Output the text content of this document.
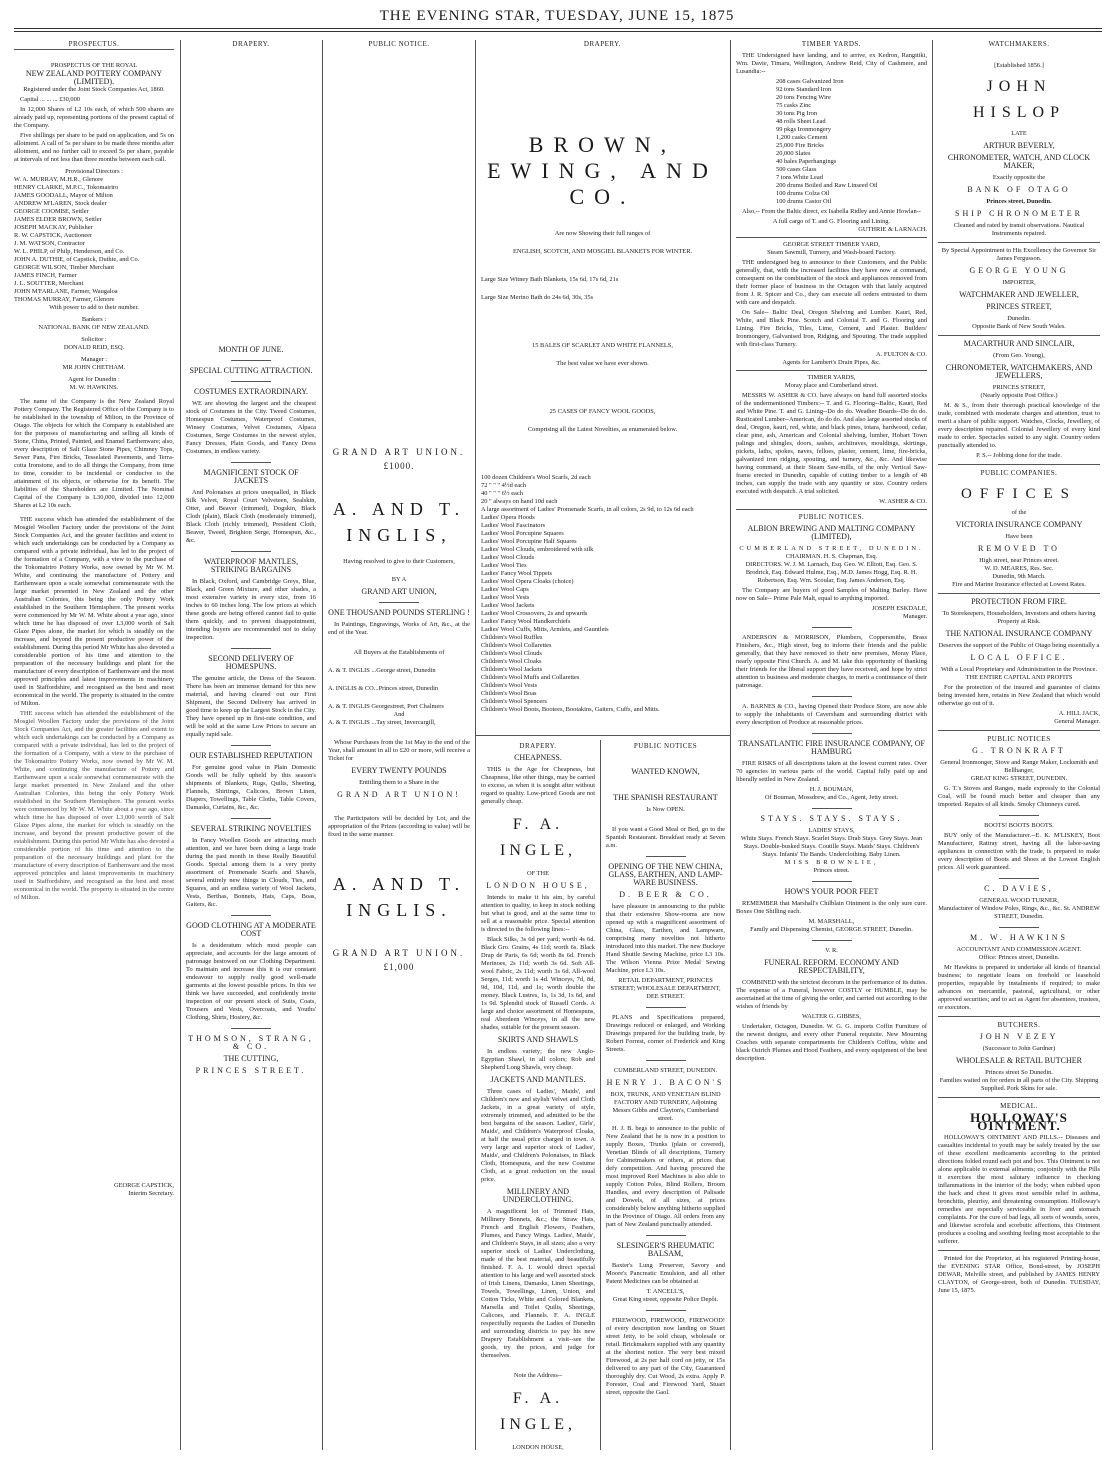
THE EVENING STAR, TUESDAY, JUNE 15, 1875
PROSPECTUS.
PROSPECTUS OF THE ROYAL
NEW ZEALAND POTTERY COMPANY (LIMITED).
Registered under the Joint Stock Companies Act, 1860.
Capital ... ... ... £30,000
In 12,000 Shares of L2 10s each, of which 500 shares are already paid up, representing portions of the present capital of the Company.
Five shillings per share to be paid on application, and 5s on allotment. A call of 5s per share to be made three months after allotment, and no further call to exceed 5s per share, payable at intervals of not less than three months between each call.
Provisional Directors :
W. A. MURRAY, M.H.R., Glenore
HENRY CLARKE, M.P.C., Tokomairiro
JAMES GOODALL, Mayor of Milton
ANDREW M'LAREN, Stock dealer
GEORGE COOMBE, Settler
JAMES ELDER BROWN, Settler
JOSEPH MACKAY, Publisher
R. W. CAPSTICK, Auctioneer
J. M. WATSON, Contractor
W. L. PHILP, of Philp, Henderson, and Co.
JOHN A. DUTHIE, of Capstick, Duthie, and Co.
GEORGE WILSON, Timber Merchant
JAMES FINCH, Farmer
J. L. SOUTTER, Merchant
JOHN M'FARLANE, Farmer, Waugaloa
THOMAS MURRAY, Farmer, Glenore
With power to add to their number.
Bankers :
NATIONAL BANK OF NEW ZEALAND.
Solicitor :
DONALD REID, ESQ.
Manager :
MR JOHN CHETHAM.
Agent for Dunedin :
M. W. HAWKINS.
The name of the Company is the New Zealand Royal Pottery Company. The Registered Office of the Company is to be established in the township of Milton, in the Province of Otago. The objects for which the Company is established are for the purposes of manufacturing and selling all kinds of Stone, China, Printed, Painted, and Enamel Earthenware; also, every description of Salt Glaze Stone Pipes, Chimney Tops, Sewer Pans, Fire Bricks, Tesselated Pavements, and Terra-cotta Ironstone, and to do all things the Company, from time to time, consider to be incidental or conducive to the attainment of its objects, or otherwise for its benefit. The liabilities of the Shareholders are Limited. The Nominal Capital of the Company is L30,000, divided into 12,000 Shares at L2 10s each.
THE success which has attended the establishment of the Mosgiel Woollen Factory under the provisions of the Joint Stock Companies Act, and the greater facilities and extent to which such undertakings can be conducted by a Company as compared with a private individual, has led to the project of the formation of a Company, with a view to the purchase of the Tokomairiro Pottery Works, now owned by Mr W. M. White, and continuing the manufacture of Pottery and Earthenware upon a scale somewhat commensurate with the large market presented in New Zealand and the other Australian Colonies, this being the only Pottery Work established in the Southern Hemisphere. The present works were commenced by Mr W. M. White about a year ago, since which time he has disposed of over L3,000 worth of Salt Glaze Pipes alone, the market for which is steadily on the increase, and beyond the present productive power of the establishment. During this period Mr White has also devoted a considerable portion of his time and attention to the preparation of the necessary buildings and plant for the manufacture of every description of Earthenware and the most approved principles and latest improvements in machinery used in Staffordshire, and recognised as the best and most economical in the world. The property is situated in the centre of Milton.
THE success which has attended the establishment of the Mosgiel Woollen Factory under the provisions of the Joint Stock Companies Act, and the greater facilities and extent to which such undertakings can be conducted by a Company as compared with a private individual, has led to the project of the formation of a Company, with a view to the purchase of the Tokomairiro Pottery Works, now owned by Mr W. M. White, and continuing the manufacture of Pottery and Earthenware upon a scale somewhat commensurate with the large market presented in New Zealand and the other Australian Colonies, this being the only Pottery Work established in the Southern Hemisphere. The present works were commenced by Mr W. M. White about a year ago, since which time he has disposed of over L3,000 worth of Salt Glaze Pipes alone, the market for which is steadily on the increase, and beyond the present productive power of the establishment. During this period Mr White has also devoted a considerable portion of his time and attention to the preparation of the necessary buildings and plant for the manufacture of every description of Earthenware and the most approved principles and latest improvements in machinery used in Staffordshire, and recognised as the best and most economical in the world. The property is situated in the centre of Milton.
GEORGE CAPSTICK,
Interim Secretary.
DRAPERY.
MONTH OF JUNE.
SPECIAL CUTTING ATTRACTION.
COSTUMES EXTRAORDINARY.
WE are showing the largest and the cheapest stock of Costumes in the City. Tweed Costumes, Homespun Costumes, Waterproof Costumes, Winsey Costumes, Velvet Costumes, Alpaca Costumes, Serge Costumes in the newest styles, Fancy Dresses, Plain Goods, and Fancy Dress Costumes, in endless variety.
MAGNIFICENT STOCK OF JACKETS
And Polonaises at prices unequalled, in Black Silk Velvet, Royal Court Velveteen, Sealskin, Otter, and Beaver (trimmed), Dogskin, Black Cloth (plain), Black Cloth (moderately trimmed), Black Cloth (richly trimmed), President Cloth, Beaver, Tweed, Brighton Serge, Homespun, &c., &c.
WATERPROOF MANTLES, STRIKING BARGAINS
In Black, Oxford, and Cambridge Greys, Blue, Black, and Green Mixture, and other shades, a most extensive variety in every size, from 16 inches to 60 inches long. The low prices at which these goods are being offered cannot fail to quite them quickly, and to prevent disappointment, intending buyers are recommended not to delay inspection.
SECOND DELIVERY OF HOMESPUNS.
The genuine article, the Dress of the Season. There has been an immense demand for this new material, and having cleared out our First Shipment, the Second Delivery has arrived in good time to keep up the Largest Stock in the City. They have opened up in first-rate condition, and will be sold at the same Low Prices to secure an equally rapid sale.
OUR ESTABLISHED REPUTATION
For genuine good value in Plain Domestic Goods will be fully upheld by this season's shipments of Blankets, Rugs, Quilts, Sheeting, Flannels, Shirtings, Calicoes, Brown Linen, Diapers, Towellings, Table Cloths, Table Covers, Damasks, Curtains, &c., &c.
SEVERAL STRIKING NOVELTIES
In Fancy Woollen Goods are attracting much attention, and we have been doing a large trade during the past month in these Really Beautiful Goods. Special among them is a very pretty assortment of Promenade Scarfs and Shawls, several entirely new things in Clouds, Ties, and Squares, and an endless variety of Wool Jackets, Vests, Berthas, Bonnets, Hats, Caps, Boas, Gaiters, &c.
GOOD CLOTHING AT A MODERATE COST
Is a desideratum which most people can appreciate, and accounts for the large amount of patronage bestowed on our Clothing Department. To maintain and increase this it is our constant endeavour to supply really good well-made garments at the lowest possible prices. In this we think we have succeeded, and confidently invite inspection of our present stock of Suits, Coats, Trousers and Vests, Overcoats, and Youths' Clothing, Shirts, Hosiery, &c.
THOMSON, STRANG, & CO.
THE CUTTING,
PRINCES STREET.
PUBLIC NOTICE.
GRAND ART UNION.
£1000.
A. AND T. INGLIS,
Having resolved to give to their Customers,
BY A
GRAND ART UNION,
ONE THOUSAND POUNDS STERLING !
In Paintings, Engravings, Works of Art, &c., at the end of the Year.
All Buyers at the Establishments of
A. & T. INGLIS ...George street, Dunedin
A. INGLIS & CO...Princes street, Dunedin
A. & T. INGLIS Georgestreet, Port Chalmers
And
A. & T. INGLIS ...Tay street, Invercargill,
Whose Purchases from the 1st May to the end of the Year, shall amount in all to £20 or more, will receive a Ticket for
EVERY TWENTY POUNDS
Entitling them to a Share in the
GRAND ART UNION!
The Participators will be decided by Lot, and the appropriation of the Prizes (according to value) will be fixed in the same manner.
A. AND T. INGLIS.
GRAND ART UNION.
£1,000
DRAPERY.
BROWN, EWING, AND CO.
Are now Showing their full ranges of
ENGLISH, SCOTCH, AND MOSGIEL BLANKETS FOR WINTER.
Large Size Witney Bath Blankets, 15s 6d, 17s 6d, 21s
Large Size Merino Bath do 24s 6d, 30s, 35s
15 BALES OF SCARLET AND WHITE FLANNELS,
The best value we have ever shown.
25 CASES OF FANCY WOOL GOODS,
Comprising all the Latest Novelties, as enumerated below.
100 dozen Children's Wool Scarfs, 2d each
72 " " " 4½d each
40 " " " 6½ each
20 " always on hand 10d each
A large assortment of Ladies' Promenade Scarfs, in all colors, 2s 9d, to 12s 6d each
Ladies' Opera Hoods
Ladies' Wool Fascinators
Ladies' Wool Porcupine Squares
Ladies' Wool Porcupine Half Squares
Ladies' Wool Clouds, embroidered with silk
Ladies' Wool Clouds
Ladies' Wool Ties
Ladies' Fancy Wool Tippets
Ladies' Wool Opera Cloaks (choice)
Ladies' Wool Caps
Ladies' Wool Vests
Ladies' Wool Jackets
Ladies' Wool Crossovers, 2s and upwards
Ladies' Fancy Wool Handkerchiefs
Ladies' Wool Cuffs, Mitts, Armlets, and Gauntlets
Children's Wool Ruffles
Children's Wool Collarettes
Children's Wool Clouds
Children's Wool Cloaks
Children's Wool Jackets
Children's Wool Muffs and Collarettes
Children's Wool Vests
Children's Wool Boas
Children's Wool Spencers
Children's Wool Boots, Bootees, Bootakins, Gaiters, Cuffs, and Mitts.
DRAPERY.
CHEAPNESS.
THIS is the Age for Cheapness, but Cheapness, like other things, may be carried to excess, as when it is sought after without regard to quality. Low-priced Goods are not generally cheap.
F. A. INGLE,
OF THE
LONDON HOUSE,
Intends to make it his aim, by careful attention to quality, to keep in stock nothing but what is good, and at the same time to sell at a reasonable price. Special attention is directed to the following lines:--
Black Silks, 3s 6d per yard; worth 4s 6d. Black Gro. Grains, 4s 11d; worth 6s. Black Drap de Paris, 6s 6d; worth 8s 6d. French Merinoes, 2s 11d; worth 3s 6d. Soft All-wool Fabric, 2s 11d; worth 3s 6d. All-wool Serges, 11d; worth 1s 4d. Winceys, 7d, 8d, 9d, 10d, 11d, and 1s; worth double the money. Black Lustres, 1s, 1s 3d, 1s 6d, and 1s 9d. Splendid stock of Russell Cords. A large and choice assortment of Homespuns, real Aberdeen Winceys, in all the new shades, suitable for the present season.
SKIRTS AND SHAWLS
In endless variety; the new Anglo-Egyptian Shawl, in all colors; Rob and Shepherd Long Shawls, very cheap.
JACKETS AND MANTLES.
Three cases of Ladies', Maids', and Children's new and stylish Velvet and Cloth Jackets, in a great variety of style, extremely trimmed, and admitted to be the best bargains of the season. Ladies', Girls', Maids', and Children's Waterproof Cloaks, at half the usual price charged in town. A very large and superior stock of Ladies', Maids', and Children's Polonaises, in Black Cloth, Homespuns, and the new Costume Cloth, at a great reduction on the usual price.
MILLINERY AND UNDERCLOTHING.
A magnificent lot of Trimmed Hats, Millinery Bonnets, &c.; the Straw Hats, French and English Flowers, Feathers, Plumes, and Fancy Wings. Ladies', Maids', and Children's Stays, in all sizes; also a very superior stock of Ladies' Underclothing, made of the best material, and beautifully finished. F. A. I. would direct special attention to his large and well assorted stock of Irish Linens, Damasks, Linen Sheetings, Towels, Towellings, Linen, Union, and Cotton Ticks, White and Colored Blankets, Marsella and Toilet Quilts, Sheetings, Calicoes, and Flannels. F. A. INGLE respectfully requests the Ladies of Dunedin and surrounding districts to pay his new Drapery Establishment a visit--see the goods, try the prices, and judge for themselves.
Note the Address--
F. A. INGLE,
LONDON HOUSE,
PUBLIC NOTICES
WANTED KNOWN,
THE SPANISH RESTAURANT
Is Now OPEN.
If you want a Good Meal or Bed, go to the Spanish Restaurant. Breakfast ready at Seven a.m.
OPENING OF THE NEW CHINA, GLASS, EARTHEN, AND LAMP-WARE BUSINESS.
D. BEER & CO.
have pleasure in announcing to the public that their extensive Show-rooms are now opened up with a magnificent assortment of China, Glass, Earthen, and Lampware, comprising many novelties not hitherto introduced into this market. The new Buckeye Hand Shuttle Sewing Machine, price L3 10s. The Wilson Vienna Prize Medal Sewing Machine, price L3 10s.
RETAIL DEPARTMENT, PRINCES STREET; WHOLESALE DEPARTMENT, DEE STREET.
PLANS and Specifications prepared, Drawings reduced or enlarged, and Working Drawings prepared for the building trade, by Robert Forrest, corner of Frederick and King Streets.
CUMBERLAND STREET, DUNEDIN.
HENRY J. BACON'S
BOX, TRUNK, AND VENETIAN BLIND FACTORY AND TURNERY, Adjoining Messrs Gibbs and Clayton's, Cumberland street.
H. J. B. begs to announce to the public of New Zealand that he is now in a position to supply Boxes, Trunks (plain or covered), Venetian Blinds of all descriptions, Turnery for Cabinetmakers or others, at prices that defy competition. And having procured the most improved Reel Machines is also able to supply Cotton Poles, Blind Rollers, Broom Handles, and every description of Palisade and Dowels, of all sizes, at prices considerably below anything hitherto supplied in the Province of Otago. All orders from any part of New Zealand punctually attended.
SLESINGER'S RHEUMATIC BALSAM,
Baxter's Lung Preserver, Savory and Moore's Pancreatic Emulsion, and all other Patent Medicines can be obtained at
T. ANCELL'S,
Great King street, opposite Police Depôt.
FIREWOOD, FIREWOOD, FIREWOOD! of every description now landing on Stuart street Jetty, to be sold cheap, wholesale or retail. Brickmakers supplied with any quantity at the shortest notice. The very best mixed Firewood, at 2s per half cord on jetty, or 15s delivered to any part of the City, Guaranteed thoroughly dry. Cut Wood, 2s extra. Apply P. Forester, Coal and Firewood Yard, Stuart street, opposite the Gaol.
TIMBER YARDS.
THE Undersigned have landing, and to arrive, ex Kedron, Rangitiki, Wm. Davie, Timaru, Wellington, Andrew Reid, City of Cashmere, and Lusandia:--
208 cases Galvanized Iron
92 tons Standard Iron
20 tons Fencing Wire
75 casks Zinc
30 tons Pig Iron
48 rolls Sheet Lead
99 pkgs Ironmongery
1,200 casks Cement
25,000 Fire Bricks
20,000 Slates
40 bales Paperhangings
500 cases Glass
7 tons White Lead
200 drums Boiled and Raw Linseed Oil
100 drums Colza Oil
100 drums Castor Oil
Also,-- From the Baltic direct, ex Isabella Ridley and Annie Howlan--
A full cargo of T. and G. Flooring and Lining.
GUTHRIE & LARNACH.
GEORGE STREET TIMBER YARD,
Steam Sawmill, Turnery, and Wash-board Factory.
THE undersigned beg to announce to their Customers, and the Public generally, that, with the increased facilities they have now at command, consequent on the combination of the stock and appliances removed from their former place of business in the Octagon with that lately acquired from J. R. Spicer and Co., they can execute all orders entrusted to them with care and despatch.
On Sale-- Baltic Deal, Oregon Shelving and Lumber. Kauri, Red, White, and Black Pine. Scotch and Colonial T. and G. Flooring and Lining. Fire Bricks, Tiles, Lime, Cement, and Plaster. Builders' Ironmongery, Galvanised Iron, Ridging, and Spouting. The trade supplied with first-class Turnery.
A. FULTON & CO.
Agents for Lambert's Drain Pipes, &c.
TIMBER YARDS,
Moray place and Cumberland street.
MESSRS W. ASHER & CO. have always on hand full assorted stocks of the undermentioned Timbers:-- T. and G. Flooring--Baltic, Kauri, Red and White Pine. T. and G. Lining--Do do do. Weather Boards--Do do do. Rusticated Lumber--American, do do do. And also large assorted stocks of deal, Oregon, kauri, red, white, and black pines, totara, hardwood, cedar, clear pine, ash, American and Colonial shelving, lumber, Hobart Town palings and shingles, doors, sashes, architraves, mouldings, skirtings, pickets, laths, spokes, naves, felloes, plaster, cement, lime, fire-bricks, galvanized iron ridging, spouting, and turnery, &c., &c. And likewise having command, at their Steam Saw-mills, of the only Vertical Saw-frame erected in Dunedin, capable of cutting timber to a length of 48 inches, can supply the trade with any quantity or size. Country orders executed with despatch. A trial solicited.
W. ASHER & CO.
PUBLIC NOTICES.
ALBION BREWING AND MALTING COMPANY (LIMITED),
CUMBERLAND STREET, DUNEDIN.
CHAIRMAN. H. S. Chapman, Esq.
DIRECTORS. W. J. M. Larnach, Esq. Geo. W. Elliott, Esq. Geo. S. Brodrick, Esq. Edward Hulme, Esq., M.D. James Hogg, Esq. R. H. Robertson, Esq. Wm. Scoular, Esq. James Anderson, Esq.
The Company are buyers of good Samples of Malting Barley. Have now on Sale-- Prime Pale Malt, equal to anything imported.
JOSEPH ESKDALE,
Manager.
ANDERSON & MORRISON, Plumbers, Coppersmiths, Brass Finishers, &c., High street, beg to inform their friends and the public generally, that they have removed to their new premises, Moray Place, nearly opposite First Church. A. and M. take this opportunity of thanking their friends for the liberal support they have received, and hope by strict attention to business and moderate charges, to merit a continuance of their patronage.
A. BARNES & CO., having Opened their Produce Store, are now able to supply the inhabitants of Caversham and surrounding district with every description of Produce at reasonable prices.
TRANSATLANTIC FIRE INSURANCE COMPANY, OF HAMBURG
FIRE RISKS of all descriptions taken at the lowest current rates. Over 70 agencies in various parts of the world. Capital fully paid up and liberally settled in New Zealand.
H. J. BOUMAN,
Of Bouman, Mossdrew, and Co., Agent, Jetty street.
STAYS. STAYS. STAYS.
LADIES' STAYS,
White Stays. French Stays. Scarlet Stays. Drab Stays. Grey Stays. Jean Stays. Double-busked Stays. Coutille Stays. Maids' Stays. Children's Stays. Infants' Tie Bands. Underclothing. Baby Linen.
MISS BROWNLIE,
Princes street.
HOW'S YOUR POOR FEET
REMEMBER that Marshall's Chilblain Ointment is the only sure cure. Boxes One Shilling each.
M. MARSHALL,
Family and Dispensing Chemist, GEORGE STREET, Dunedin.
V. R.
FUNERAL REFORM. ECONOMY AND RESPECTABILITY,
COMBINED with the strictest decorum in the performance of its duties. The expense of a Funeral, however COSTLY or HUMBLE, may be ascertained at the time of giving the order, and carried out according to the wishes of friends by
WALTER G. GIBBES,
Undertaker, Octagon, Dunedin. W. G. G. imports Coffin Furniture of the newest designs, and every other Funeral requisite. New Mourning Coaches with separate compartments for Children's Coffins, white and black Ostrich Plumes and Hood Feathers, and every equipment of the best description.
WATCHMAKERS.
[Established 1856.]
JOHN HISLOP
LATE
ARTHUR BEVERLY,
CHRONOMETER, WATCH, AND CLOCK MAKER,
Exactly opposite the
BANK OF OTAGO
Princes street, Dunedin.
SHIP CHRONOMETER
Cleaned and rated by transit observations. Nautical Instruments repaired.
By Special Appointment to His Excellency the Governor Sir James Fergusson.
GEORGE YOUNG
IMPORTER,
WATCHMAKER AND JEWELLER,
PRINCES STREET,
Dunedin.
Opposite Bank of New South Wales.
MACARTHUR AND SINCLAIR,
(From Geo. Young),
CHRONOMETER, WATCHMAKERS, AND JEWELLERS,
PRINCES STREET,
(Nearly opposite Post Office.)
M. & S., from their thorough practical knowledge of the trade, combined with moderate charges and attention, trust to merit a share of public support. Watches, Clocks, Jewellery, of every description repaired. Colonial Jewellery of every kind made to order. Spectacles suited to any sight. Country orders punctually attended to.
P. S.-- Jobbing done for the trade.
PUBLIC COMPANIES.
OFFICES
of the
VICTORIA INSURANCE COMPANY
Have been
REMOVED TO
High street, near Princes street.
W. D. MEARES, Res. Sec.
Dunedin, 9th March.
Fire and Marine Insurance effected at Lowest Rates.
PROTECTION FROM FIRE.
To Storekeepers, Householders, Investors and others having Property at Risk.
THE NATIONAL INSURANCE COMPANY
Deserves the support of the Public of Otago being essentially a
LOCAL OFFICE.
With a Local Proprietary and Administration in the Province.
THE ENTIRE CAPITAL AND PROFITS
For the protection of the insured and guarantee of claims being invested here, retains in New Zealand that which would otherwise go out of it.
A. HILL JACK,
General Manager.
PUBLIC NOTICES
G. TRONKRAFT
General Ironmonger, Stove and Range Maker, Locksmith and Bellhanger,
GREAT KING STREET, DUNEDIN.
G. T.'s Stoves and Ranges, made expressly to the Colonial Coal, will be found much better and cheaper than any imported. Repairs of all kinds. Smoky Chimneys cured.
BOOTS! BOOTS BOOTS.
BUY only of the Manufacturer.--E. K. M'LISKEY, Boot Manufacturer, Rattray street, having all the labor-saving appliances in connection with the trade, is prepared to make every description of Boots and Shoes at the Lowest English prices. All work guaranteed.
C. DAVIES,
GENERAL WOOD TURNER,
Manufacturer of Window Poles, Rings, &c., &c. St. ANDREW STREET, Dunedin.
M. W. HAWKINS
ACCOUNTANT AND COMMISSION AGENT.
Office: Princes street, Dunedin.
Mr Hawkins is prepared to undertake all kinds of financial business; to negotiate loans on freehold or leasehold properties, repayable by instalments if required; to make advances on mercantile, pastoral, agricultural, or other approved securities; and to act as Agent for absentees, trustees, or executors.
BUTCHERS.
JOHN VEZEY
(Successor to John Gardner)
WHOLESALE & RETAIL BUTCHER
Princes street So Dunedin.
Families waited on for orders in all parts of the City. Shipping Supplied. Pork Skins for sale.
MEDICAL.
HOLLOWAY'S OINTMENT.
HOLLOWAY'S OINTMENT AND PILLS.-- Diseases and casualties incidental to youth may be safely treated by the use of these excellent medicaments according to the printed directions folded round each pot and box. This Ointment is not alone applicable to external ailments; conjointly with the Pills it exercises the most salutary influence in checking inflammations in the interior of the body; when rubbed upon the back and chest it gives most sensible relief in asthma, bronchitis, pleurisy, and threatening consumption. Holloway's remedies are especially serviceable in liver and stomach complaints. For the cure of bad legs, all sorts of wounds, sores, and likewise scrofula and scorbutic affections, this Ointment produces a cooling and soothing feeling most acceptable to the sufferer.
Printed for the Proprietor, at his registered Printing-house, the EVENING STAR Office, Bond-street, by JOSEPH DEWAR, Melville street, and published by JAMES HENRY CLAYTON, of George-street, both of Dunedin. TUESDAY, June 15, 1875.
